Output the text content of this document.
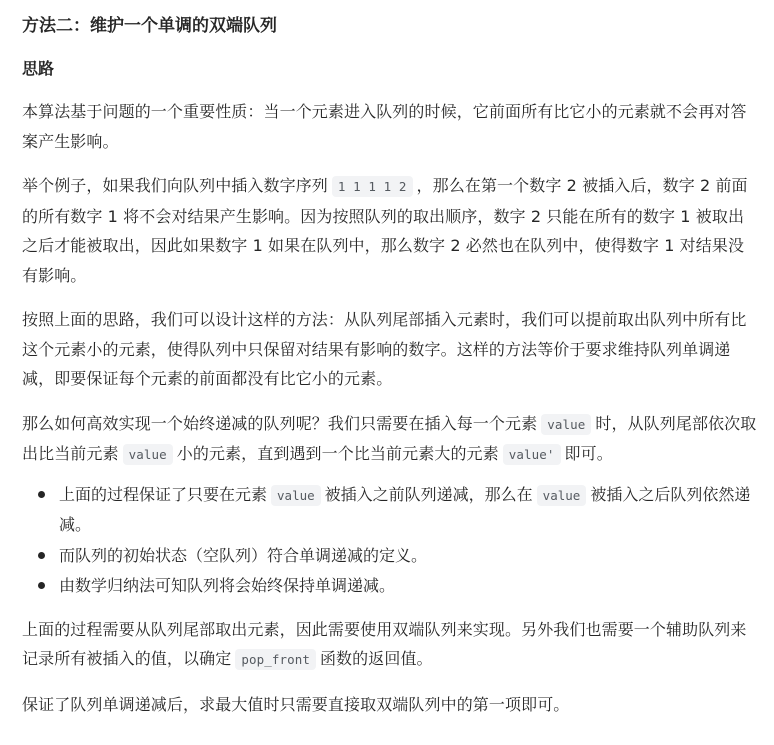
方法二：维护一个单调的双端队列
思路

本算法基于问题的一个重要性质：当一个元素进入队列的时候，它前面所有比它小的元素就不会再对答案产生影响。

举个例子，如果我们向队列中插入数字序列 1 1 1 1 2 ，那么在第一个数字 2 被插入后，数字 2 前面的所有数字 1 将不会对结果产生影响。因为按照队列的取出顺序，数字 2 只能在所有的数字 1 被取出之后才能被取出，因此如果数字 1 如果在队列中，那么数字 2 必然也在队列中，使得数字 1 对结果没有影响。

按照上面的思路，我们可以设计这样的方法：从队列尾部插入元素时，我们可以提前取出队列中所有比这个元素小的元素，使得队列中只保留对结果有影响的数字。这样的方法等价于要求维持队列单调递减，即要保证每个元素的前面都没有比它小的元素。

那么如何高效实现一个始终递减的队列呢？我们只需要在插入每一个元素 value 时，从队列尾部依次取出比当前元素 value 小的元素，直到遇到一个比当前元素大的元素 value' 即可。

上面的过程保证了只要在元素 value 被插入之前队列递减，那么在 value 被插入之后队列依然递减。
而队列的初始状态（空队列）符合单调递减的定义。
由数学归纳法可知队列将会始终保持单调递减。

上面的过程需要从队列尾部取出元素，因此需要使用双端队列来实现。另外我们也需要一个辅助队列来记录所有被插入的值，以确定 pop_front 函数的返回值。

保证了队列单调递减后，求最大值时只需要直接取双端队列中的第一项即可。
